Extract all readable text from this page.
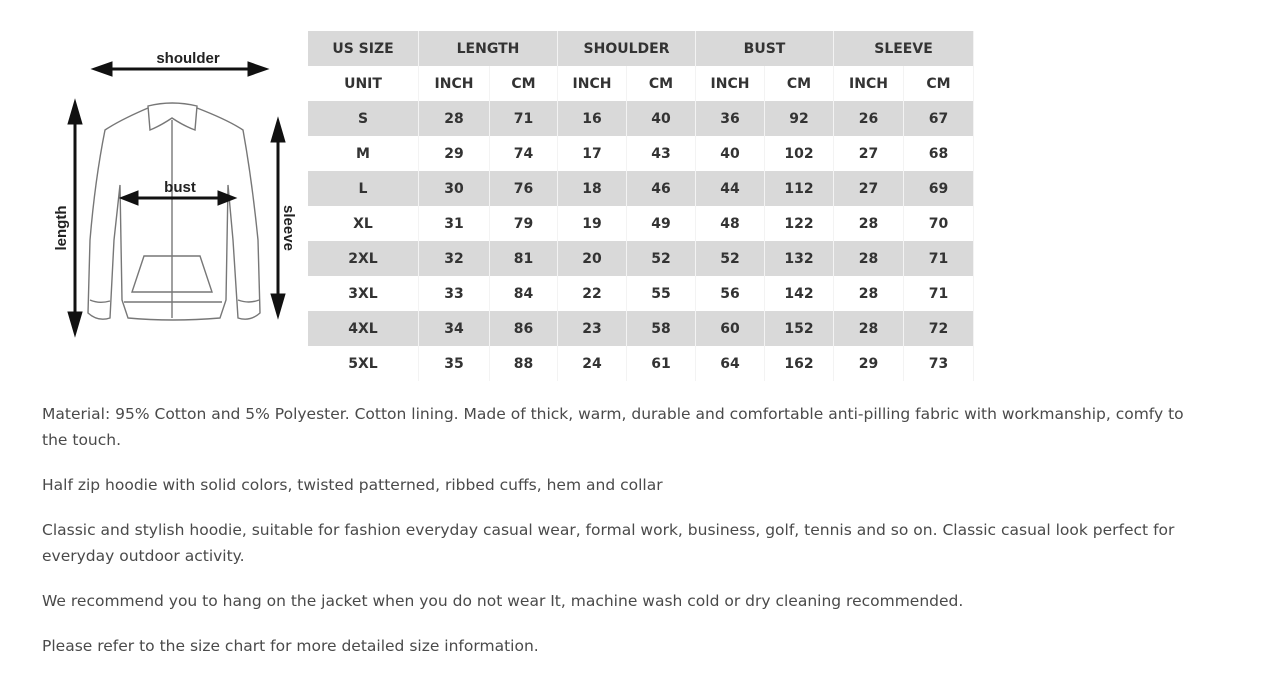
shoulder
bust
length	sleeve
US SIZE	LENGTH		SHOULDER		BUST		SLEEVE	
UNIT	INCH	CM	INCH	CM	INCH	CM	INCH	CM
S	28	71	16	40	36	92	26	67
M	29	74	17	43	40	102	27	68
L	30	76	18	46	44	112	27	69
XL	31	79	19	49	48	122	28	70
2XL	32	81	20	52	52	132	28	71
3XL	33	84	22	55	56	142	28	71
4XL	34	86	23	58	60	152	28	72
5XL	35	88	24	61	64	162	29	73

Material: 95% Cotton and 5% Polyester. Cotton lining. Made of thick, warm, durable and comfortable anti-pilling fabric with workmanship, comfy to the touch.

Half zip hoodie with solid colors, twisted patterned, ribbed cuffs, hem and collar

Classic and stylish hoodie, suitable for fashion everyday casual wear, formal work, business, golf, tennis and so on. Classic casual look perfect for everyday outdoor activity.

We recommend you to hang on the jacket when you do not wear It, machine wash cold or dry cleaning recommended.

Please refer to the size chart for more detailed size information.
